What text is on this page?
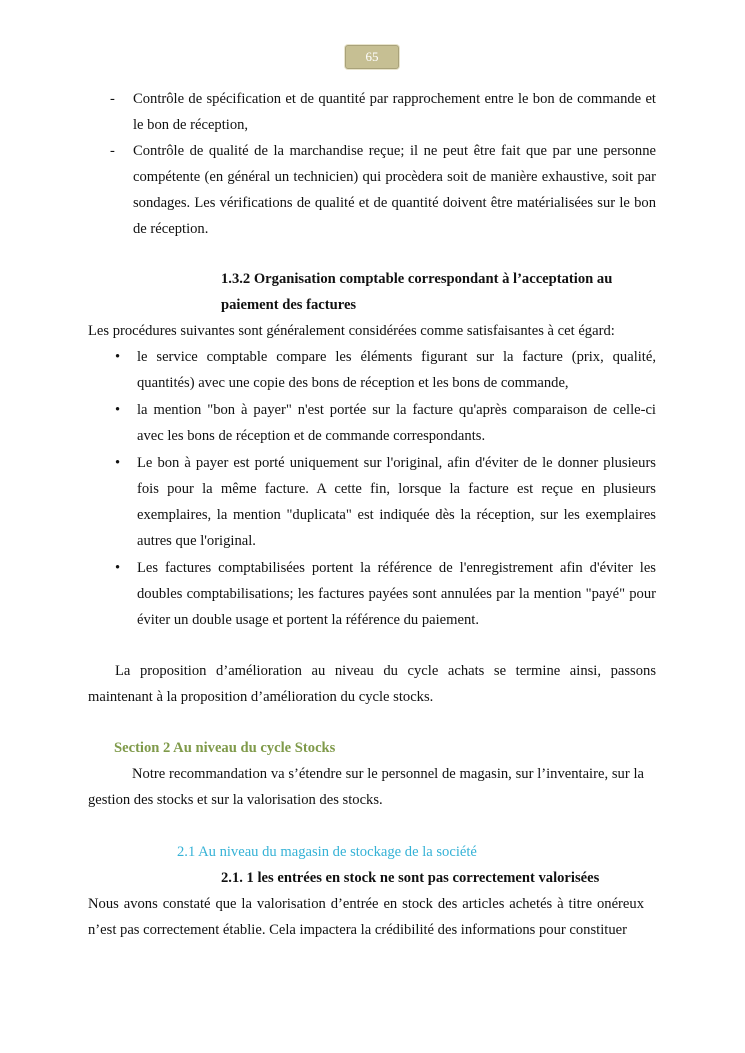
65
- Contrôle de spécification et de quantité par rapprochement entre le bon de commande et le bon de réception,
- Contrôle de qualité de la marchandise reçue; il ne peut être fait que par une personne compétente (en général un technicien) qui procèdera soit de manière exhaustive, soit par sondages. Les vérifications de qualité et de quantité doivent être matérialisées sur le bon de réception.
1.3.2 Organisation comptable correspondant à l’acceptation au paiement des factures
Les procédures suivantes sont généralement considérées comme satisfaisantes à cet égard:
• le service comptable compare les éléments figurant sur la facture (prix, qualité, quantités) avec une copie des bons de réception et les bons de commande,
• la mention "bon à payer" n'est portée sur la facture qu'après comparaison de celle-ci avec les bons de réception et de commande correspondants.
• Le bon à payer est porté uniquement sur l'original, afin d'éviter de le donner plusieurs fois pour la même facture. A cette fin, lorsque la facture est reçue en plusieurs exemplaires, la mention "duplicata" est indiquée dès la réception, sur les exemplaires autres que l'original.
• Les factures comptabilisées portent la référence de l'enregistrement afin d'éviter les doubles comptabilisations; les factures payées sont annulées par la mention "payé" pour éviter un double usage et portent la référence du paiement.
La proposition d’amélioration au niveau du cycle achats se termine ainsi, passons maintenant à la proposition d’amélioration du cycle stocks.
Section 2 Au niveau du cycle Stocks
Notre recommandation va s’étendre sur le personnel de magasin, sur l’inventaire, sur la gestion des stocks et sur la valorisation des stocks.
2.1 Au niveau du magasin de stockage de la société
2.1. 1 les entrées en stock ne sont pas correctement valorisées
Nous avons constaté que la valorisation d’entrée en stock des articles achetés à titre onéreux n’est pas correctement établie. Cela impactera la crédibilité des informations pour constituer
